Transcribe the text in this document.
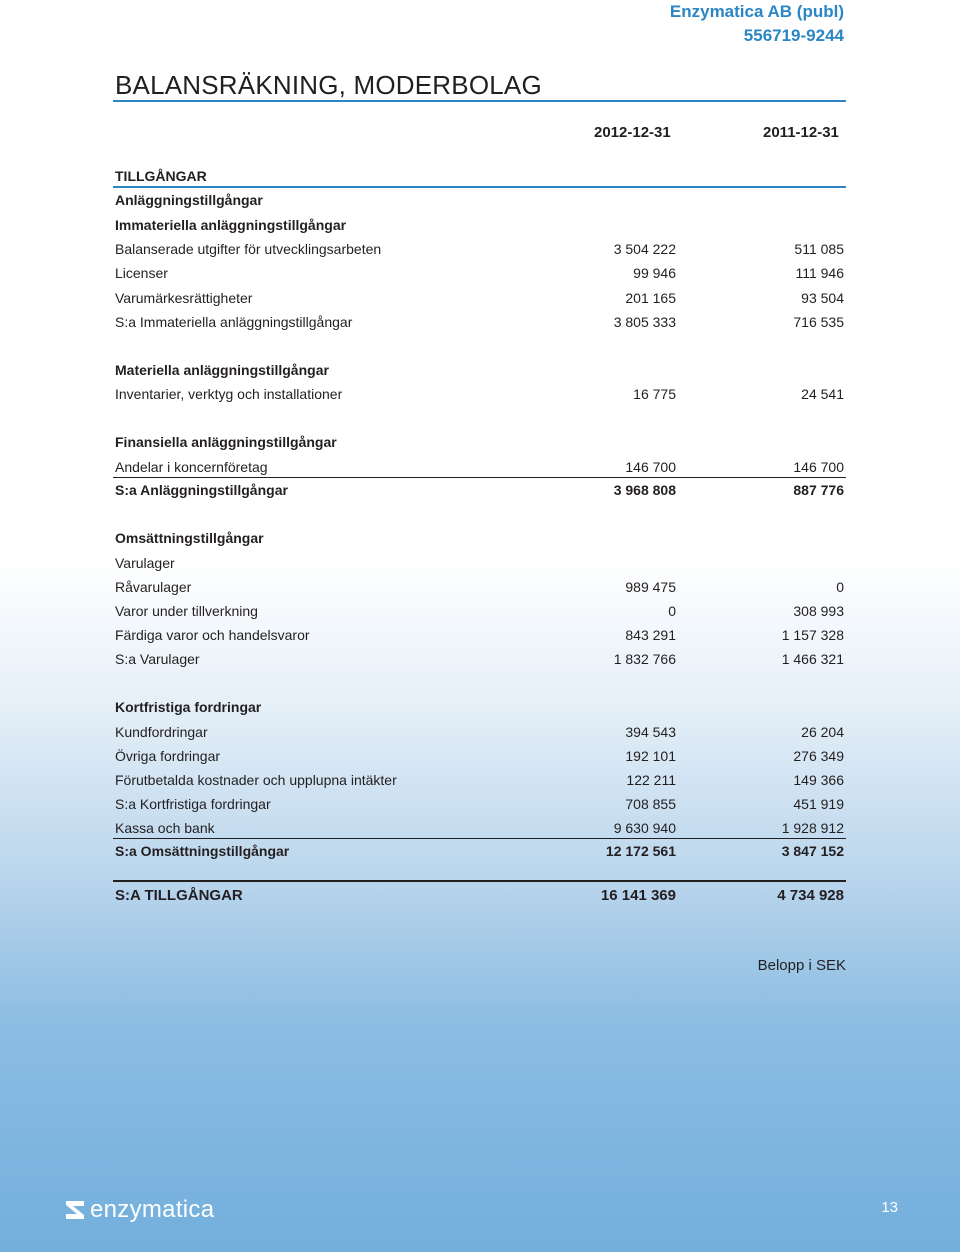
Enzymatica AB (publ)
556719-9244
BALANSRÄKNING, MODERBOLAG
2012-12-31	2011-12-31
TILLGÅNGAR
Anläggningstillgångar
Immateriella anläggningstillgångar
Balanserade utgifter för utvecklingsarbeten	3 504 222	511 085
Licenser	99 946	111 946
Varumärkesrättigheter	201 165	93 504
S:a Immateriella anläggningstillgångar	3 805 333	716 535
Materiella anläggningstillgångar
Inventarier, verktyg och installationer	16 775	24 541
Finansiella anläggningstillgångar
Andelar i koncernföretag	146 700	146 700
S:a Anläggningstillgångar	3 968 808	887 776
Omsättningstillgångar
Varulager
Råvarulager	989 475	0
Varor under tillverkning	0	308 993
Färdiga varor och handelsvaror	843 291	1 157 328
S:a Varulager	1 832 766	1 466 321
Kortfristiga fordringar
Kundfordringar	394 543	26 204
Övriga fordringar	192 101	276 349
Förutbetalda kostnader och upplupna intäkter	122 211	149 366
S:a Kortfristiga fordringar	708 855	451 919
Kassa och bank	9 630 940	1 928 912
S:a Omsättningstillgångar	12 172 561	3 847 152
S:A TILLGÅNGAR	16 141 369	4 734 928
Belopp i SEK
enzymatica	13
